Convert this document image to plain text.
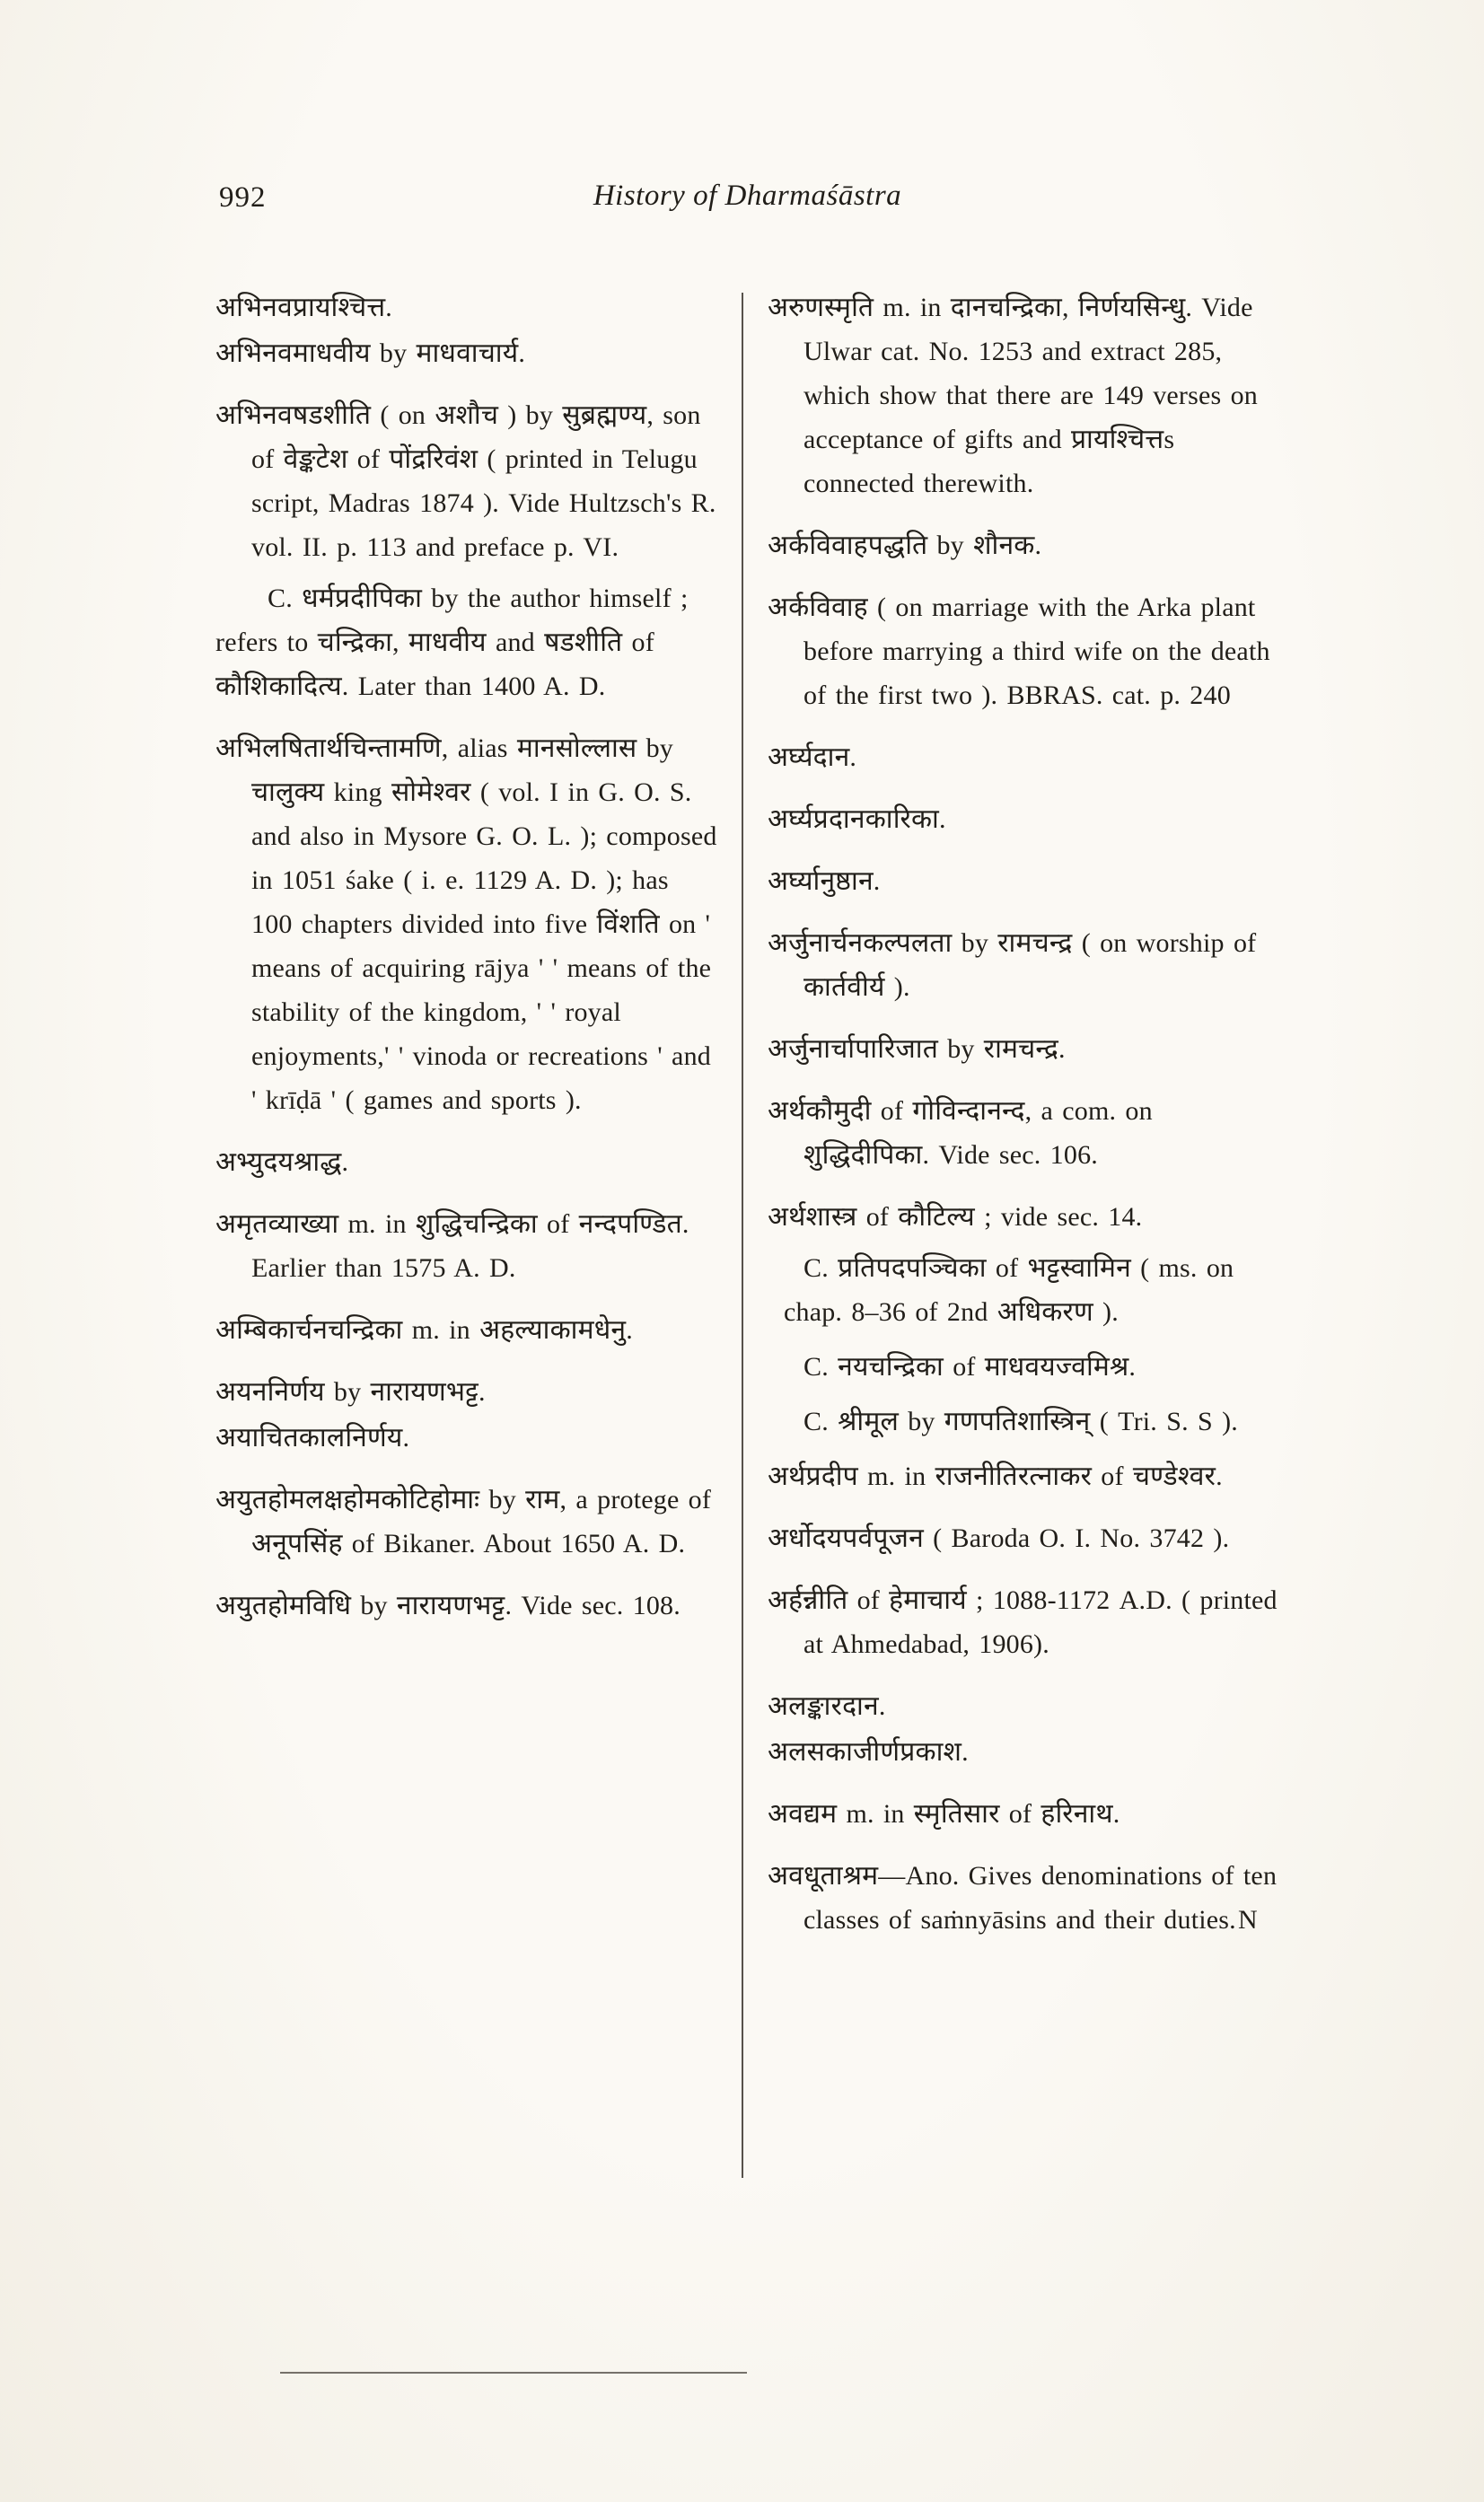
992	History of Dharmaśāstra

अभिनवप्रायश्चित्त.

अभिनवमाधवीय by माधवाचार्य.

अभिनवषडशीति ( on अशौच ) by सुब्रह्मण्य, son of वेङ्कटेश of पोंद्ररिवंश ( printed in Telugu script, Madras 1874 ). Vide Hultzsch's R. vol. II. p. 113 and preface p. VI.

C. धर्मप्रदीपिका by the author himself ; refers to चन्द्रिका, माधवीय and षडशीति of कौशिकादित्य. Later than 1400 A. D.

अभिलषितार्थचिन्तामणि, alias मानसोल्लास by चालुक्य king सोमेश्वर ( vol. I in G. O. S. and also in Mysore G. O. L. ); composed in 1051 śake ( i. e. 1129 A. D. ); has 100 chapters divided into five विंशति on ' means of acquiring rājya ' ' means of the stability of the kingdom, ' ' royal enjoyments,' ' vinoda or recreations ' and ' krīḍā ' ( games and sports ).

अभ्युदयश्राद्ध.

अमृतव्याख्या m. in शुद्धिचन्द्रिका of नन्दपण्डित. Earlier than 1575 A. D.

अम्बिकार्चनचन्द्रिका m. in अहल्याकामधेनु.

अयननिर्णय by नारायणभट्ट.

अयाचितकालनिर्णय.

अयुतहोमलक्षहोमकोटिहोमाः by राम, a protege of अनूपसिंह of Bikaner. About 1650 A. D.

अयुतहोमविधि by नारायणभट्ट. Vide sec. 108.

अरुणस्मृति m. in दानचन्द्रिका, निर्णयसिन्धु. Vide Ulwar cat. No. 1253 and extract 285, which show that there are 149 verses on acceptance of gifts and प्रायश्चित्तs connected therewith.

अर्कविवाहपद्धति by शौनक.

अर्कविवाह ( on marriage with the Arka plant before marrying a third wife on the death of the first two ). BBRAS. cat. p. 240

अर्घ्यदान.

अर्घ्यप्रदानकारिका.

अर्घ्यानुष्ठान.

अर्जुनार्चनकल्पलता by रामचन्द्र ( on worship of कार्तवीर्य ).

अर्जुनार्चापारिजात by रामचन्द्र.

अर्थकौमुदी of गोविन्दानन्द, a com. on शुद्धिदीपिका. Vide sec. 106.

अर्थशास्त्र of कौटिल्य ; vide sec. 14.

C. प्रतिपदपञ्चिका of भट्टस्वामिन ( ms. on chap. 8–36 of 2nd अधिकरण ).

C. नयचन्द्रिका of माधवयज्वमिश्र.

C. श्रीमूल by गणपतिशास्त्रिन् ( Tri. S. S ).

अर्थप्रदीप m. in राजनीतिरत्नाकर of चण्डेश्वर.

अर्धोदयपर्वपूजन ( Baroda O. I. No. 3742 ).

अर्हन्नीति of हेमाचार्य ; 1088-1172 A.D. ( printed at Ahmedabad, 1906).

अलङ्कारदान.

अलसकाजीर्णप्रकाश.

अवद्यम m. in स्मृतिसार of हरिनाथ.

अवधूताश्रम—Ano. Gives denominations of ten classes of saṁnyāsins and their duties. N
